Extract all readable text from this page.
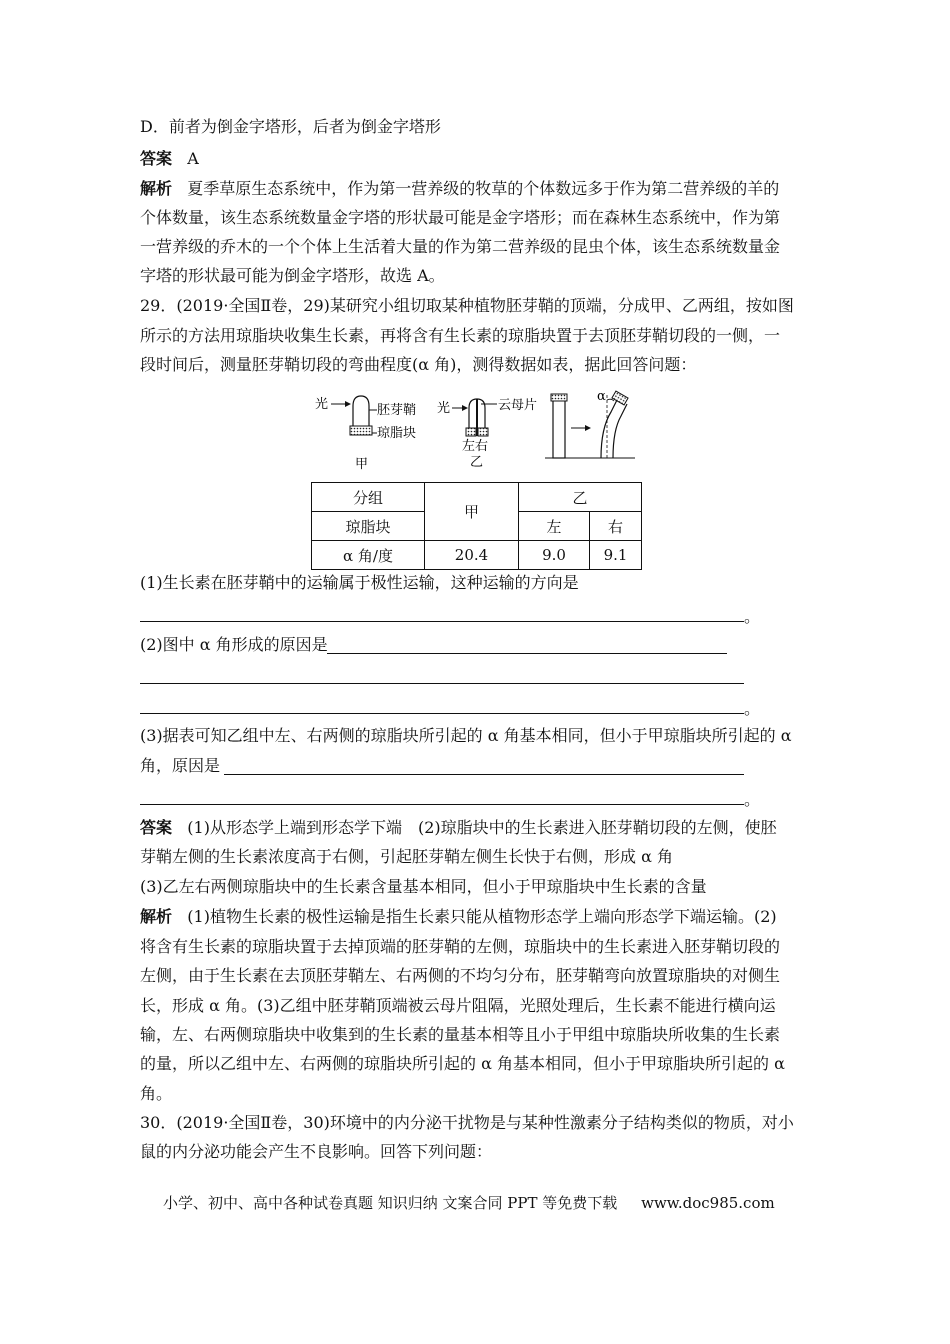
D．前者为倒金字塔形，后者为倒金字塔形
答案 A
解析 夏季草原生态系统中，作为第一营养级的牧草的个体数远多于作为第二营养级的羊的
个体数量，该生态系统数量金字塔的形状最可能是金字塔形；而在森林生态系统中，作为第
一营养级的乔木的一个个体上生活着大量的作为第二营养级的昆虫个体，该生态系统数量金
字塔的形状最可能为倒金字塔形，故选 A。
29．(2019·全国Ⅱ卷，29)某研究小组切取某种植物胚芽鞘的顶端，分成甲、乙两组，按如图
所示的方法用琼脂块收集生长素，再将含有生长素的琼脂块置于去顶胚芽鞘切段的一侧，一
段时间后，测量胚芽鞘切段的弯曲程度(α 角)，测得数据如表，据此回答问题：
光	胚芽鞘
琼脂块
甲
光	云母片
左右
乙
α
分组	甲	乙	
琼脂块		左	右
α 角/度	20.4	9.0	9.1
(1)生长素在胚芽鞘中的运输属于极性运输，这种运输的方向是
。
(2)图中 α 角形成的原因是
。
(3)据表可知乙组中左、右两侧的琼脂块所引起的 α 角基本相同，但小于甲琼脂块所引起的 α
角，原因是
。
答案 (1)从形态学上端到形态学下端　(2)琼脂块中的生长素进入胚芽鞘切段的左侧，使胚
芽鞘左侧的生长素浓度高于右侧，引起胚芽鞘左侧生长快于右侧，形成 α 角
(3)乙左右两侧琼脂块中的生长素含量基本相同，但小于甲琼脂块中生长素的含量
解析 (1)植物生长素的极性运输是指生长素只能从植物形态学上端向形态学下端运输。(2)
将含有生长素的琼脂块置于去掉顶端的胚芽鞘的左侧，琼脂块中的生长素进入胚芽鞘切段的
左侧，由于生长素在去顶胚芽鞘左、右两侧的不均匀分布，胚芽鞘弯向放置琼脂块的对侧生
长，形成 α 角。(3)乙组中胚芽鞘顶端被云母片阻隔，光照处理后，生长素不能进行横向运
输，左、右两侧琼脂块中收集到的生长素的量基本相等且小于甲组中琼脂块所收集的生长素
的量，所以乙组中左、右两侧的琼脂块所引起的 α 角基本相同，但小于甲琼脂块所引起的 α
角。
30．(2019·全国Ⅱ卷，30)环境中的内分泌干扰物是与某种性激素分子结构类似的物质，对小
鼠的内分泌功能会产生不良影响。回答下列问题：
小学、初中、高中各种试卷真题 知识归纳 文案合同 PPT 等免费下载 www.doc985.com
